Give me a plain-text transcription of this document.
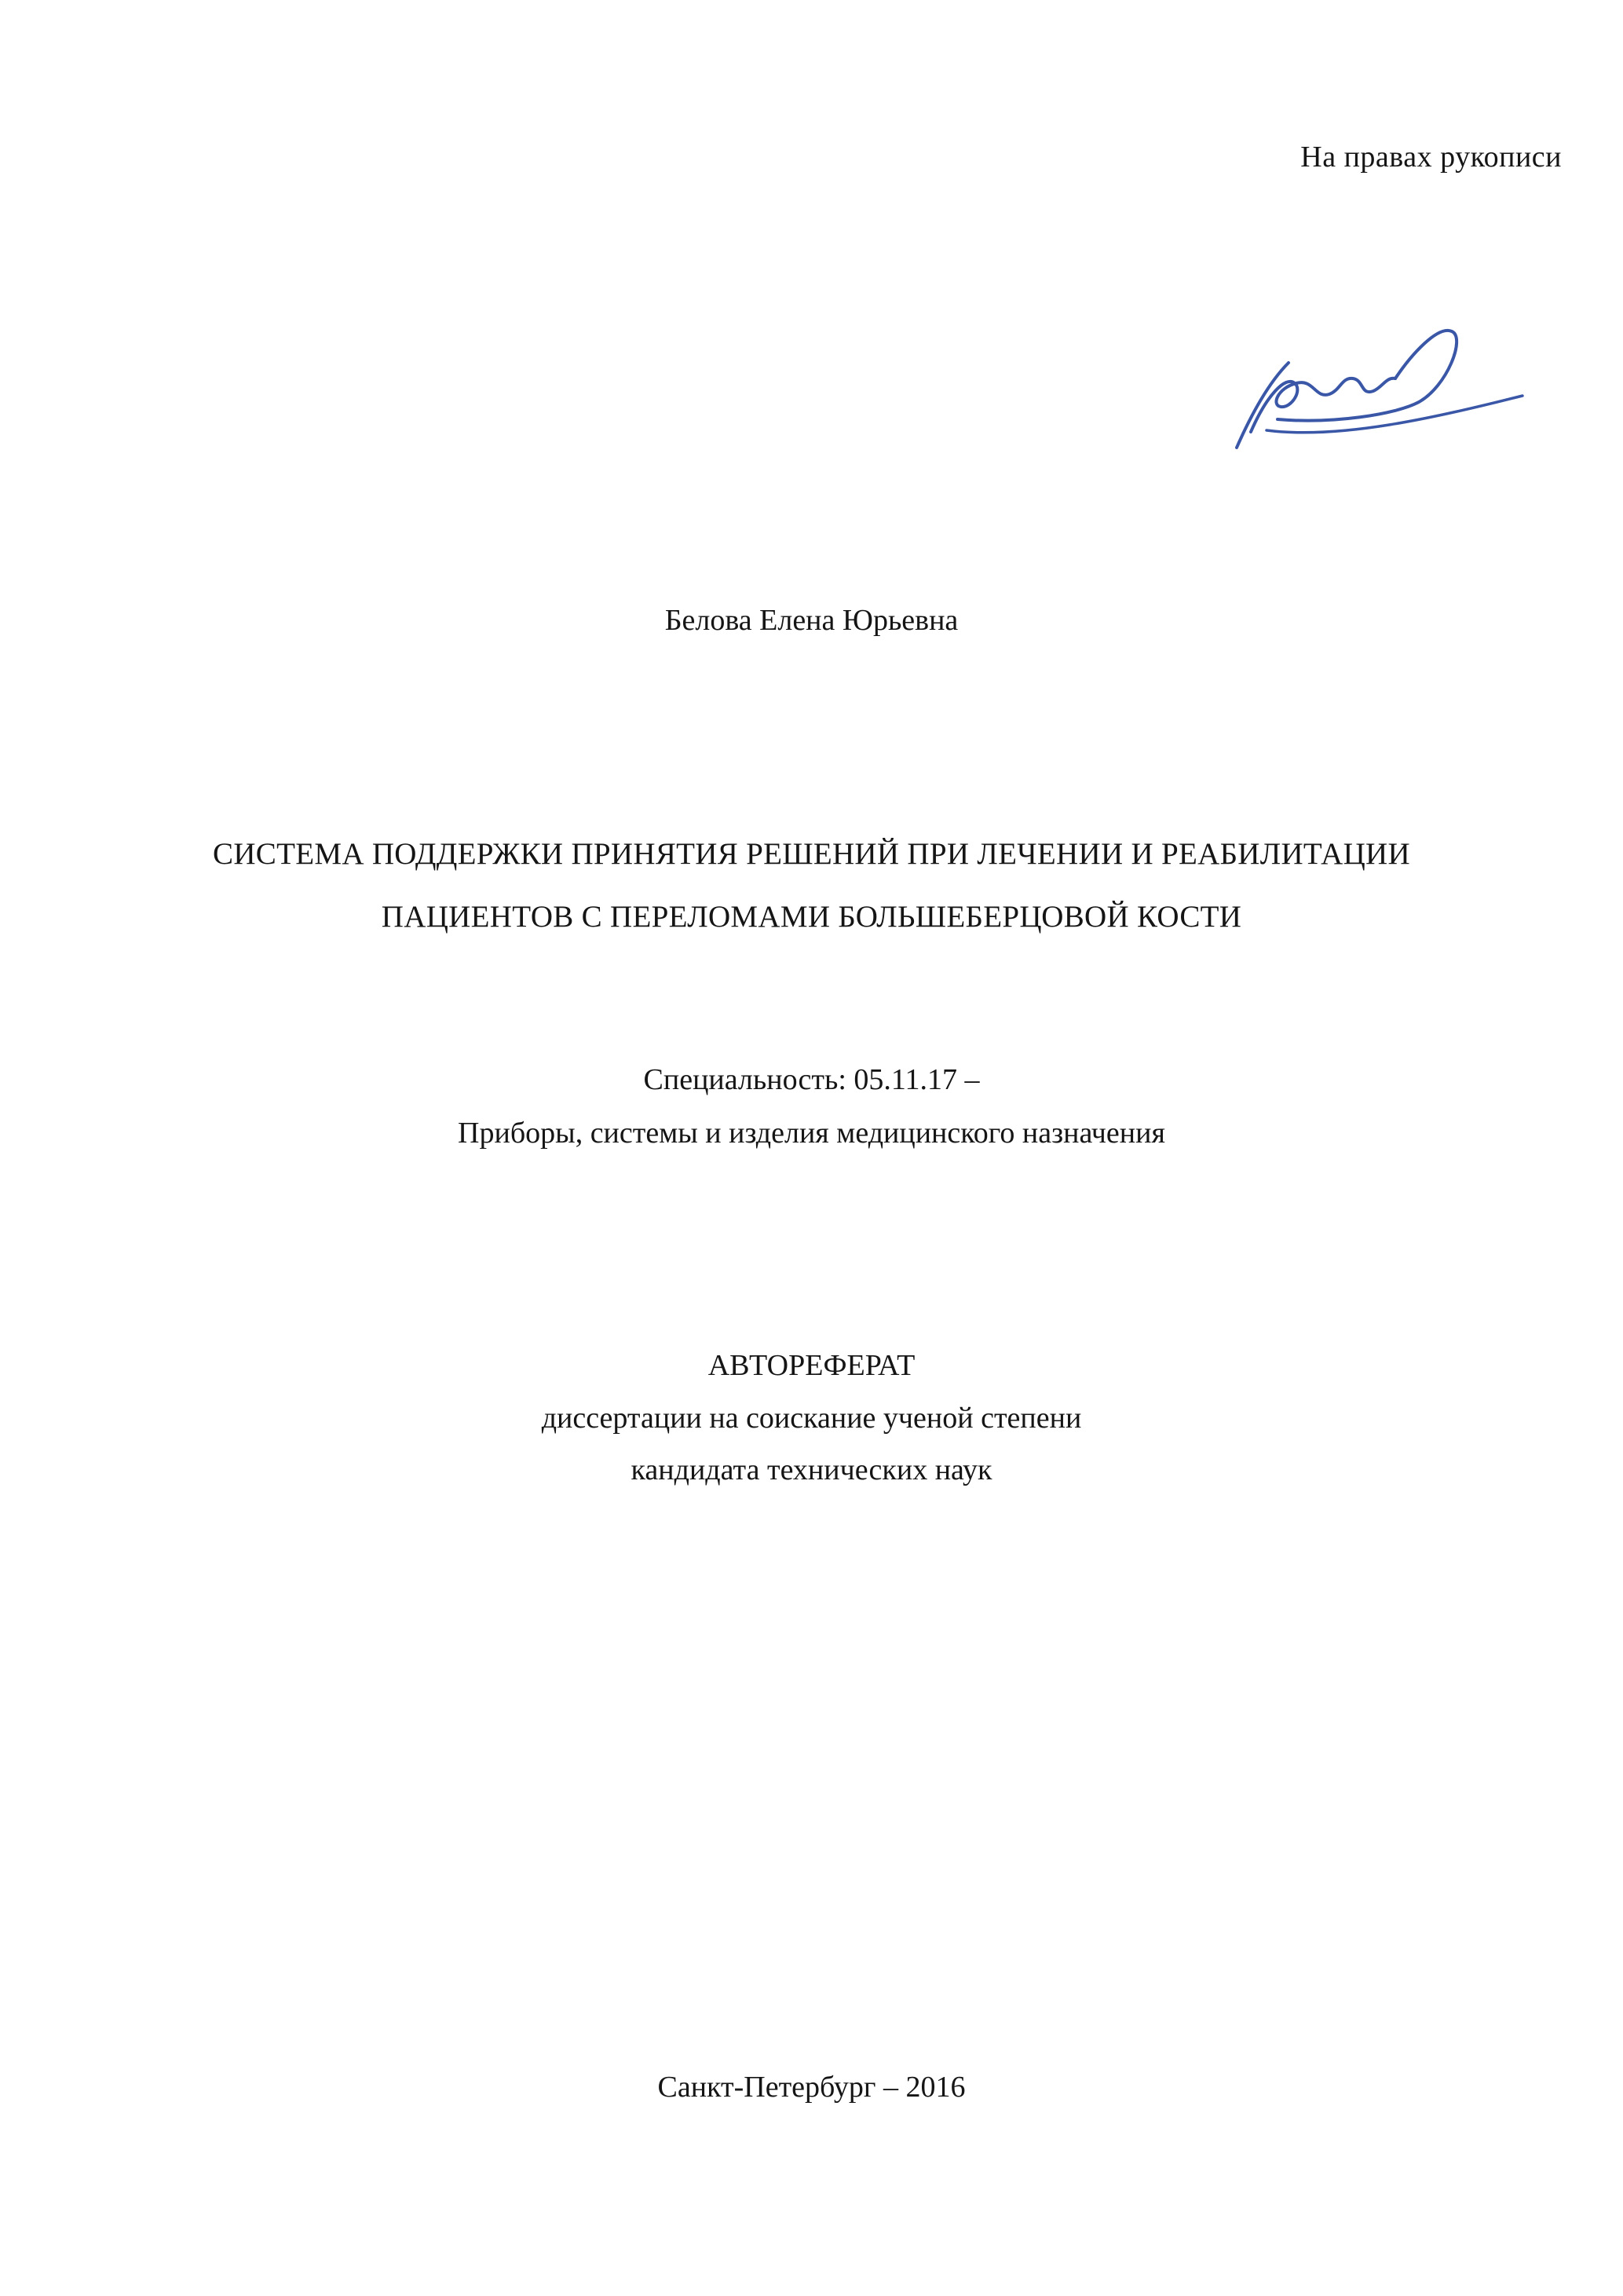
На правах рукописи
Белова Елена Юрьевна
СИСТЕМА ПОДДЕРЖКИ ПРИНЯТИЯ РЕШЕНИЙ ПРИ ЛЕЧЕНИИ И РЕАБИЛИТАЦИИ
ПАЦИЕНТОВ С ПЕРЕЛОМАМИ БОЛЬШЕБЕРЦОВОЙ КОСТИ
Специальность: 05.11.17 –
Приборы, системы и изделия медицинского назначения
АВТОРЕФЕРАТ
диссертации на соискание ученой степени
кандидата технических наук
Санкт-Петербург – 2016
